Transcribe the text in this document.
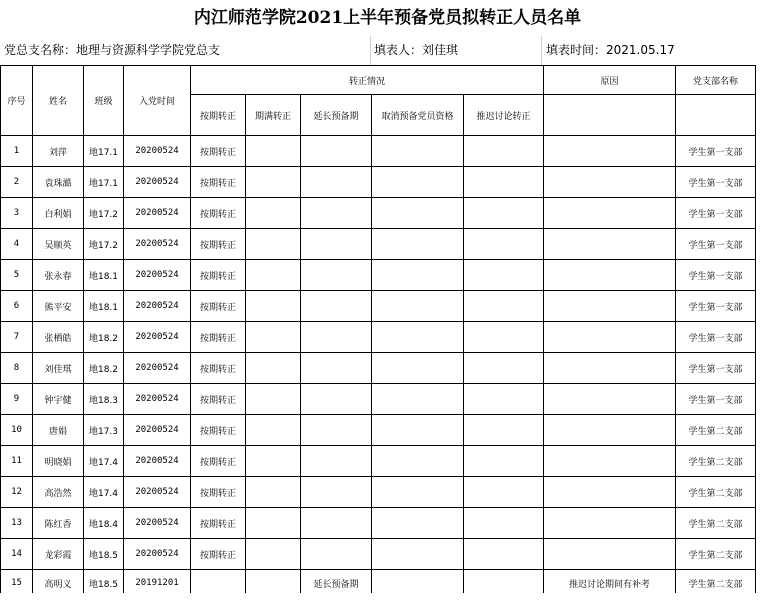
内江师范学院2021上半年预备党员拟转正人员名单
党总支名称：地理与资源科学学院党总支	填表人：刘佳琪	填表时间：2021.05.17
序号	姓名	班级	入党时间	转正情况					原因	党支部名称
				按期转正	期满转正	延长预备期	取消预备党员资格	推迟讨论转正		
1	刘萍	地17.1	20200524	按期转正						学生第一支部
2	袁珠澔	地17.1	20200524	按期转正						学生第一支部
3	白利娟	地17.2	20200524	按期转正						学生第一支部
4	吴顺英	地17.2	20200524	按期转正						学生第一支部
5	张永春	地18.1	20200524	按期转正						学生第一支部
6	熊平安	地18.1	20200524	按期转正						学生第一支部
7	张栖皓	地18.2	20200524	按期转正						学生第一支部
8	刘佳琪	地18.2	20200524	按期转正						学生第一支部
9	钟宇健	地18.3	20200524	按期转正						学生第一支部
10	唐娟	地17.3	20200524	按期转正						学生第二支部
11	明晓娟	地17.4	20200524	按期转正						学生第二支部
12	高浩然	地17.4	20200524	按期转正						学生第二支部
13	陈红香	地18.4	20200524	按期转正						学生第二支部
14	龙彩霞	地18.5	20200524	按期转正						学生第二支部
15	高明义	地18.5	20191201			延长预备期			推迟讨论期间有补考	学生第二支部
